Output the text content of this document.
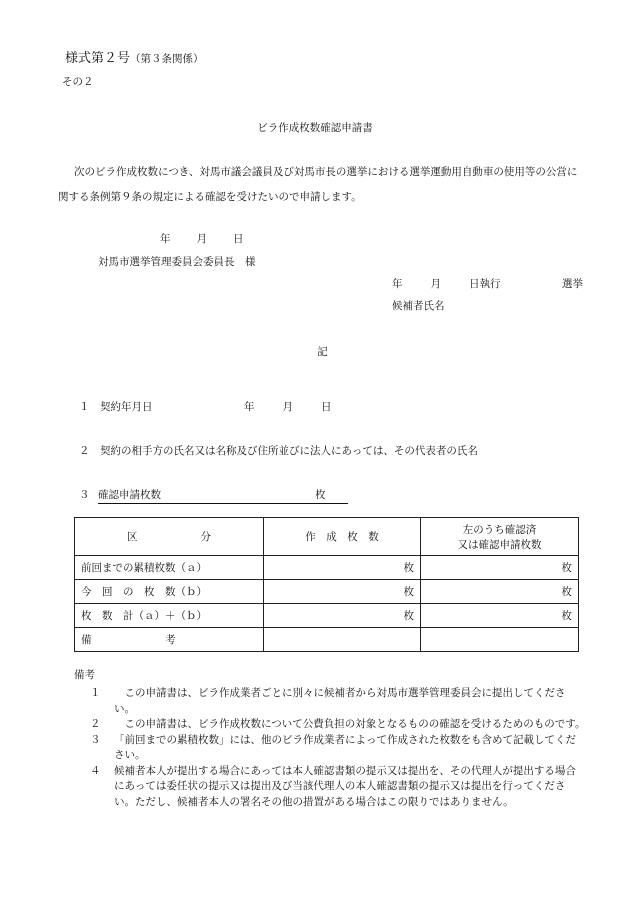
様式第２号（第３条関係）
その２
ビラ作成枚数確認申請書
次のビラ作成枚数につき、対馬市議会議員及び対馬市長の選挙における選挙運動用自動車の使用等の公営に関する条例第９条の規定による確認を受けたいので申請します。
年 月 日
対馬市選挙管理委員会委員長　様
年	月	日執行	選挙
候補者氏名
記
１　 契約年月日	年	月	日
２　 契約の相手方の氏名又は名称及び住所並びに法人にあっては、その代表者の氏名
３ 確認申請枚数	枚
区　　　　　　分	作　成　枚　数	左のうち確認済
又は確認申請枚数

前回までの累積枚数（ａ）	枚	枚
今　回　の　枚　数（ｂ）	枚	枚
枚　数　計（ａ）＋（ｂ）	枚	枚
備　　　　　　　考		
備考
１ 　この申請書は、ビラ作成業者ごとに別々に候補者から対馬市選挙管理委員会に提出してください。
２ 　この申請書は、ビラ作成枚数について公費負担の対象となるものの確認を受けるためのものです。
３ 「前回までの累積枚数」には、他のビラ作成業者によって作成された枚数をも含めて記載してください。
４ 候補者本人が提出する場合にあっては本人確認書類の提示又は提出を、その代理人が提出する場合にあっては委任状の提示又は提出及び当該代理人の本人確認書類の提示又は提出を行ってください。ただし、候補者本人の署名その他の措置がある場合はこの限りではありません。
